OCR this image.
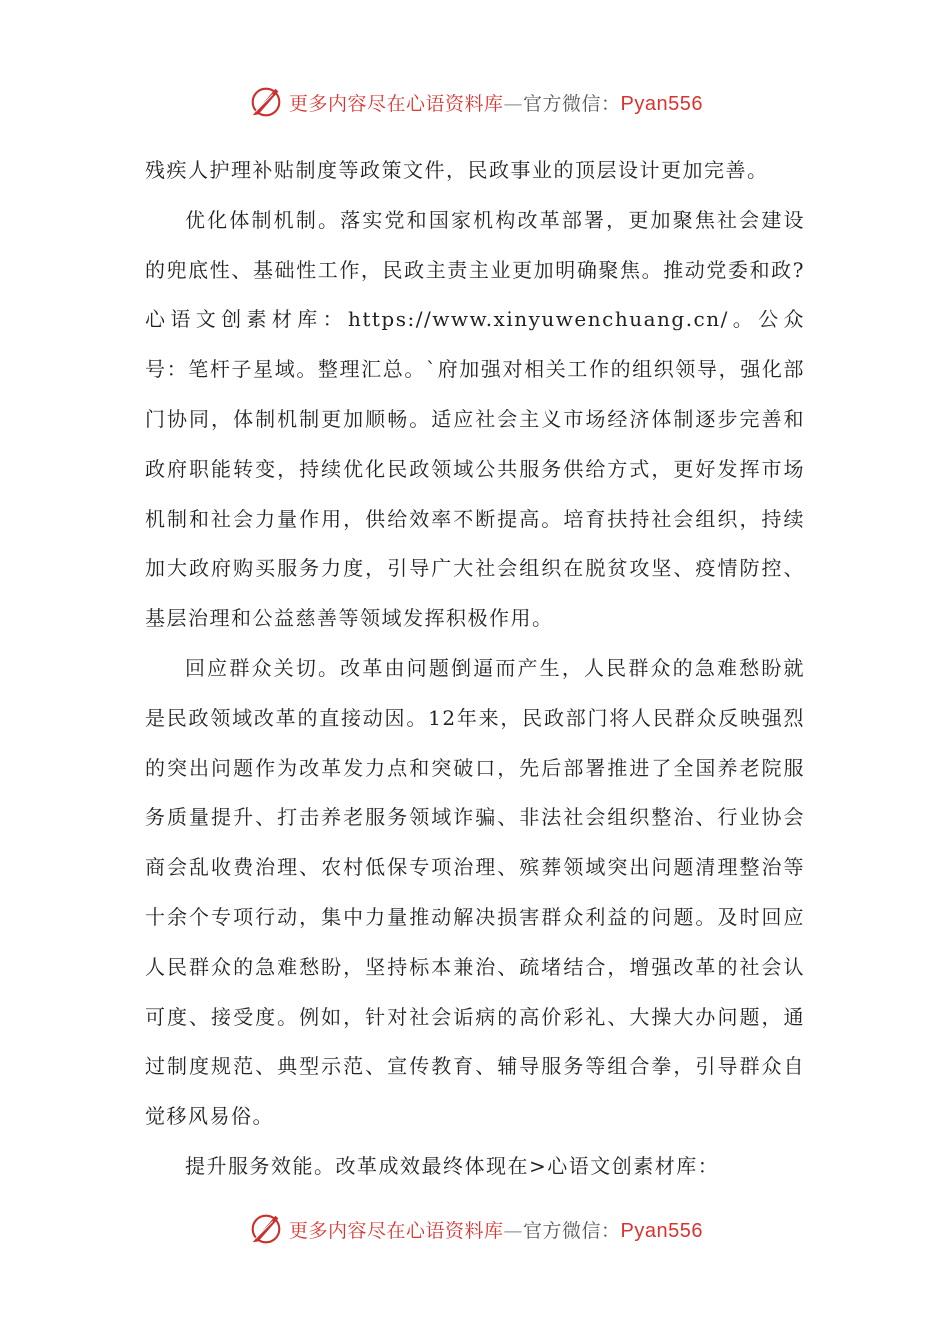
更多内容尽在心语资料库—官方微信：Pyan556

残疾人护理补贴制度等政策文件，民政事业的顶层设计更加完善。

优化体制机制。落实党和国家机构改革部署，更加聚焦社会建设的兜底性、基础性工作，民政主责主业更加明确聚焦。推动党委和政?心语文创素材库：https://www.xinyuwenchuang.cn/。公众号：笔杆子星域。整理汇总。`府加强对相关工作的组织领导，强化部门协同，体制机制更加顺畅。适应社会主义市场经济体制逐步完善和政府职能转变，持续优化民政领域公共服务供给方式，更好发挥市场机制和社会力量作用，供给效率不断提高。培育扶持社会组织，持续加大政府购买服务力度，引导广大社会组织在脱贫攻坚、疫情防控、基层治理和公益慈善等领域发挥积极作用。

回应群众关切。改革由问题倒逼而产生，人民群众的急难愁盼就是民政领域改革的直接动因。12年来，民政部门将人民群众反映强烈的突出问题作为改革发力点和突破口，先后部署推进了全国养老院服务质量提升、打击养老服务领域诈骗、非法社会组织整治、行业协会商会乱收费治理、农村低保专项治理、殡葬领域突出问题清理整治等十余个专项行动，集中力量推动解决损害群众利益的问题。及时回应人民群众的急难愁盼，坚持标本兼治、疏堵结合，增强改革的社会认可度、接受度。例如，针对社会诟病的高价彩礼、大操大办问题，通过制度规范、典型示范、宣传教育、辅导服务等组合拳，引导群众自觉移风易俗。

提升服务效能。改革成效最终体现在>心语文创素材库：

更多内容尽在心语资料库—官方微信：Pyan556
